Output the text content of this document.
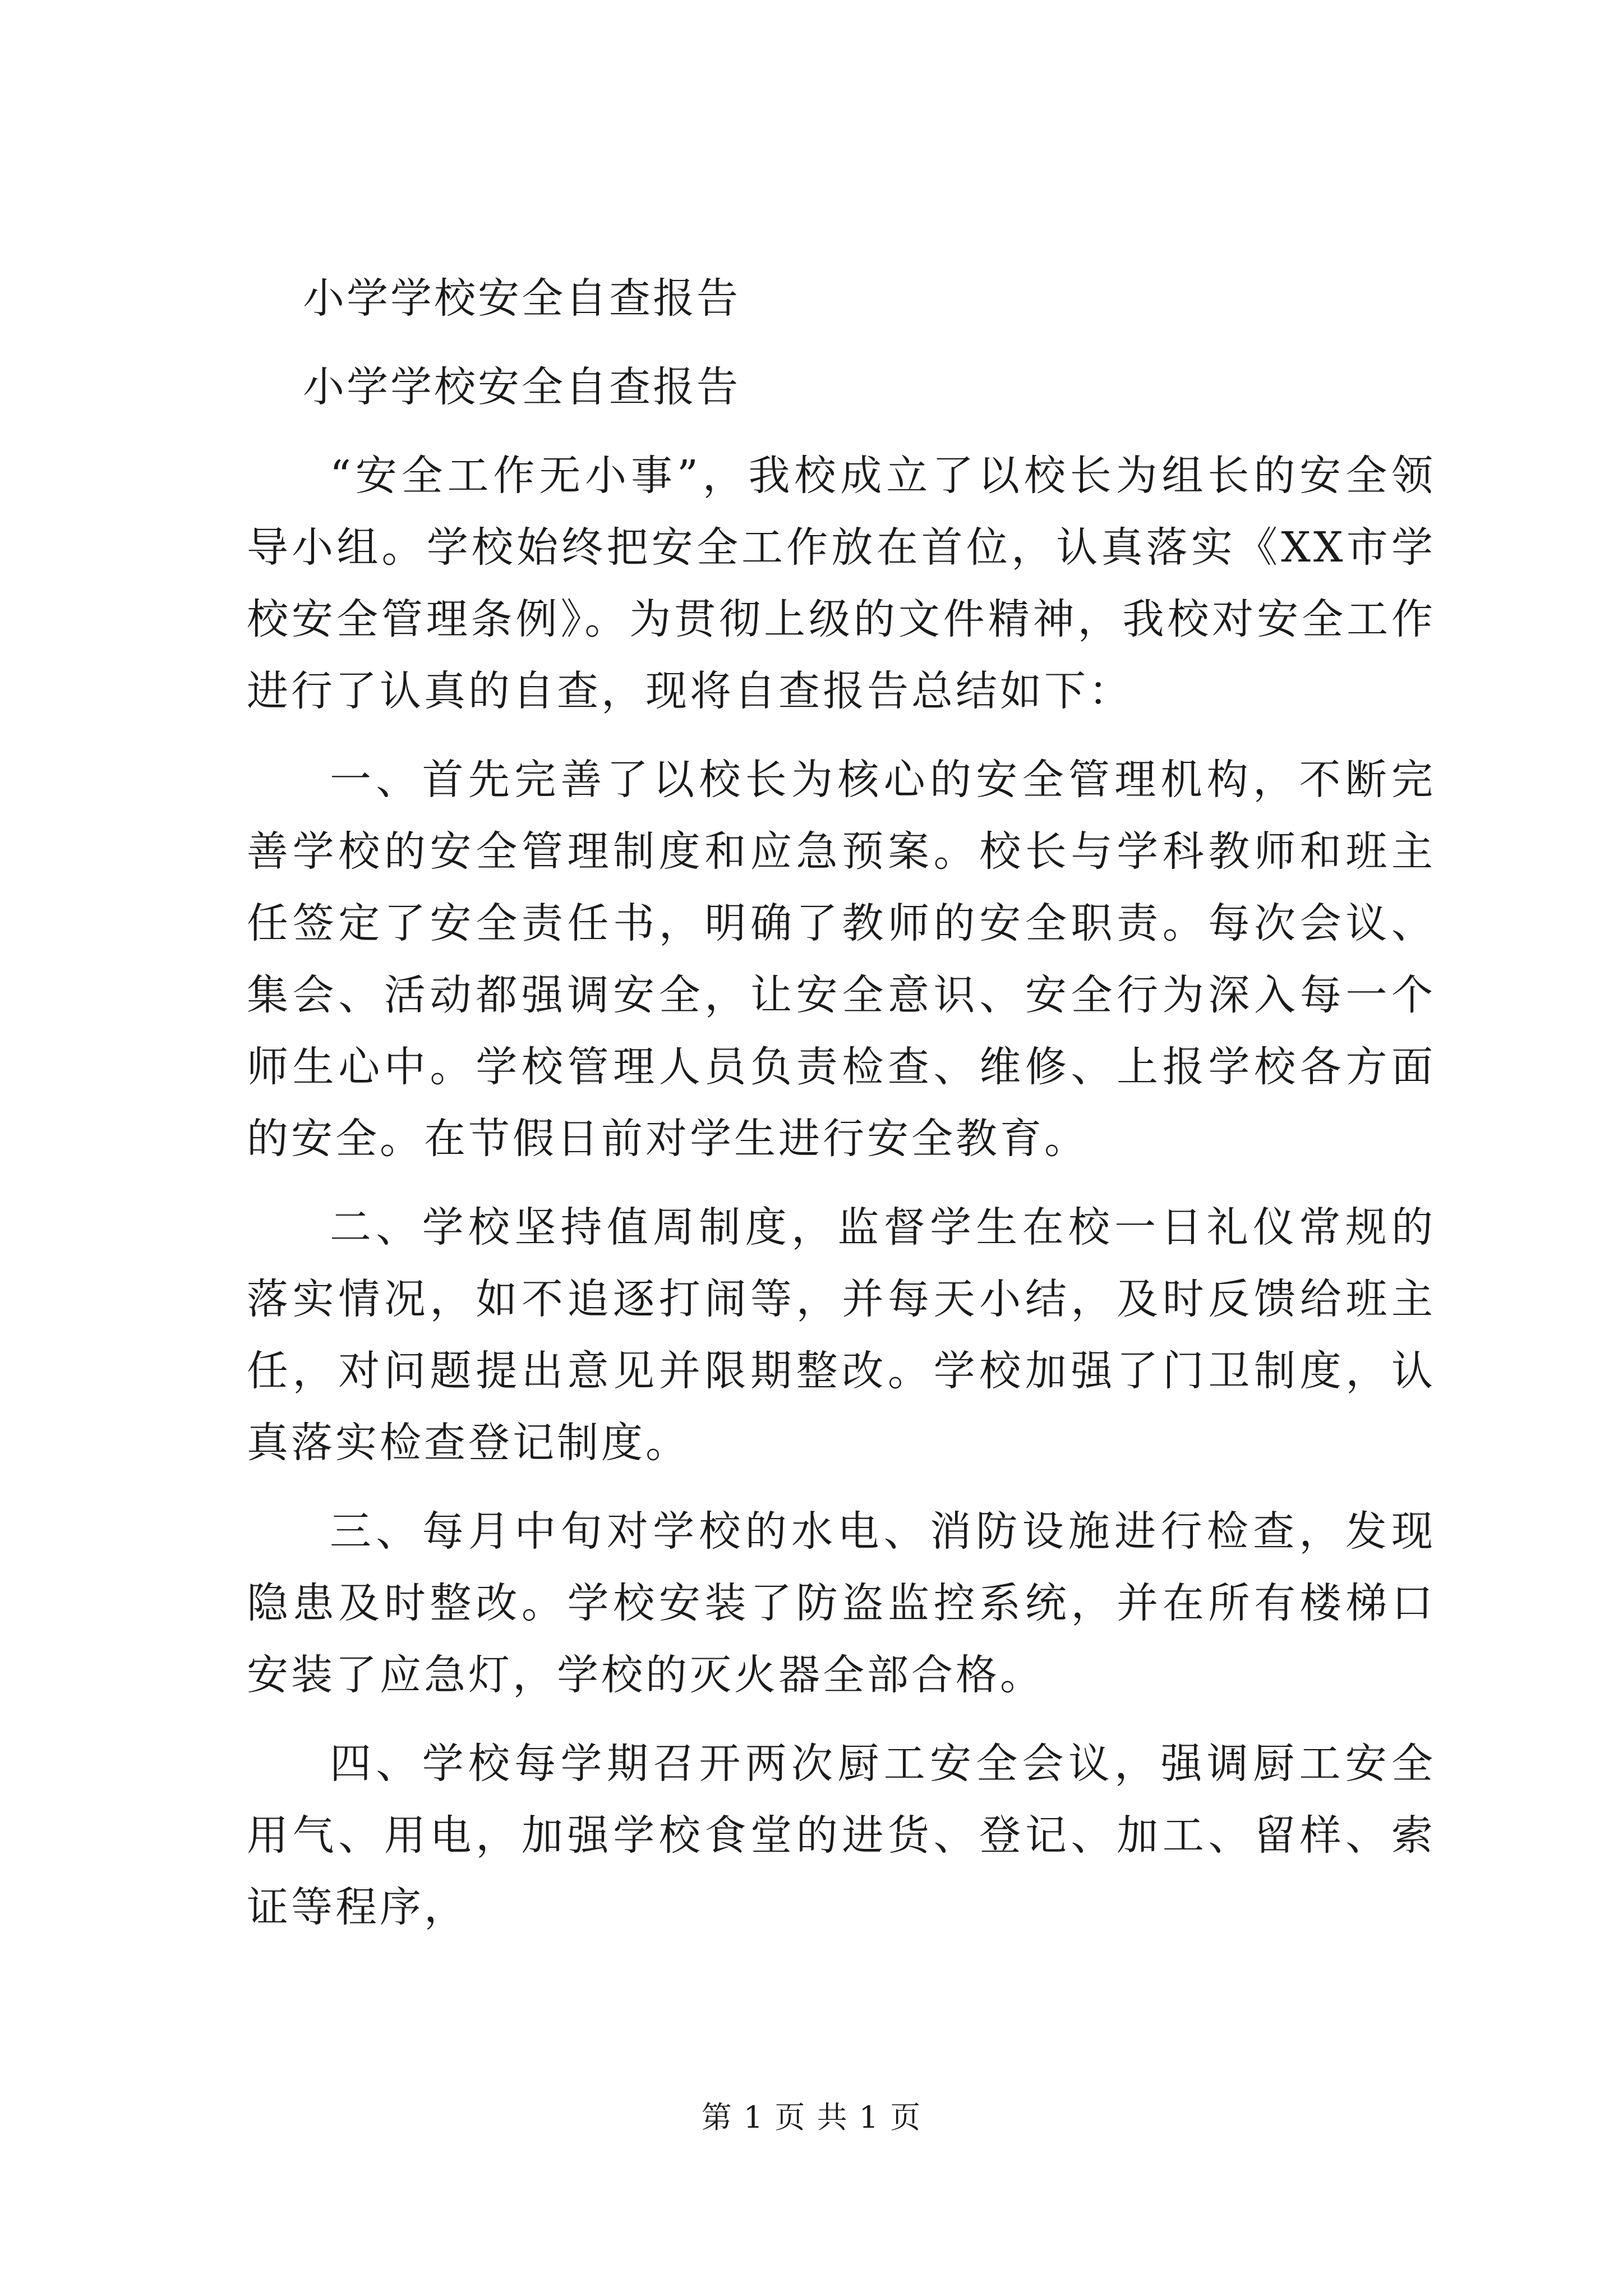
小学学校安全自查报告
小学学校安全自查报告

“安全工作无小事”，我校成立了以校长为组长的安全领导小组。学校始终把安全工作放在首位，认真落实《XX市学校安全管理条例》。为贯彻上级的文件精神，我校对安全工作进行了认真的自查，现将自查报告总结如下：

一、首先完善了以校长为核心的安全管理机构，不断完善学校的安全管理制度和应急预案。校长与学科教师和班主任签定了安全责任书，明确了教师的安全职责。每次会议、集会、活动都强调安全，让安全意识、安全行为深入每一个师生心中。学校管理人员负责检查、维修、上报学校各方面的安全。在节假日前对学生进行安全教育。

二、学校坚持值周制度，监督学生在校一日礼仪常规的落实情况，如不追逐打闹等，并每天小结，及时反馈给班主任，对问题提出意见并限期整改。学校加强了门卫制度，认真落实检查登记制度。

三、每月中旬对学校的水电、消防设施进行检查，发现隐患及时整改。学校安装了防盗监控系统，并在所有楼梯口安装了应急灯，学校的灭火器全部合格。

四、学校每学期召开两次厨工安全会议，强调厨工安全用气、用电，加强学校食堂的进货、登记、加工、留样、索证等程序，

第 1 页 共 1 页
